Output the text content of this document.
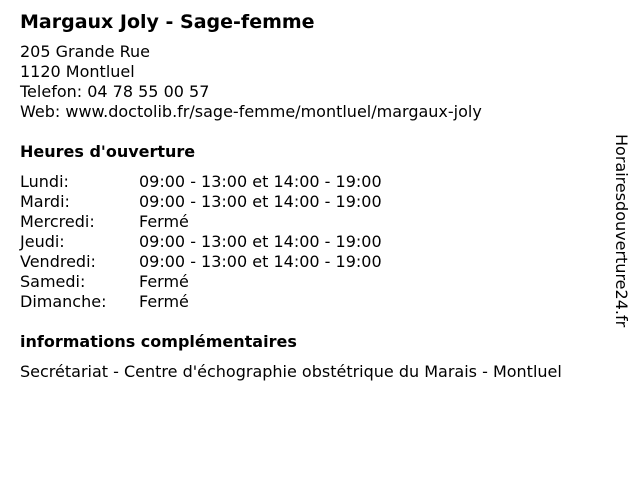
Margaux Joly - Sage-femme
205 Grande Rue
1120 Montluel
Telefon: 04 78 55 00 57
Web: www.doctolib.fr/sage-femme/montluel/margaux-joly
Heures d'ouverture
Lundi:	09:00 - 13:00 et 14:00 - 19:00
Mardi:	09:00 - 13:00 et 14:00 - 19:00
Mercredi:	Fermé
Jeudi:	09:00 - 13:00 et 14:00 - 19:00
Vendredi:	09:00 - 13:00 et 14:00 - 19:00
Samedi:	Fermé
Dimanche:	Fermé
informations complémentaires
Secrétariat - Centre d'échographie obstétrique du Marais - Montluel
Horairesdouverture24.fr
